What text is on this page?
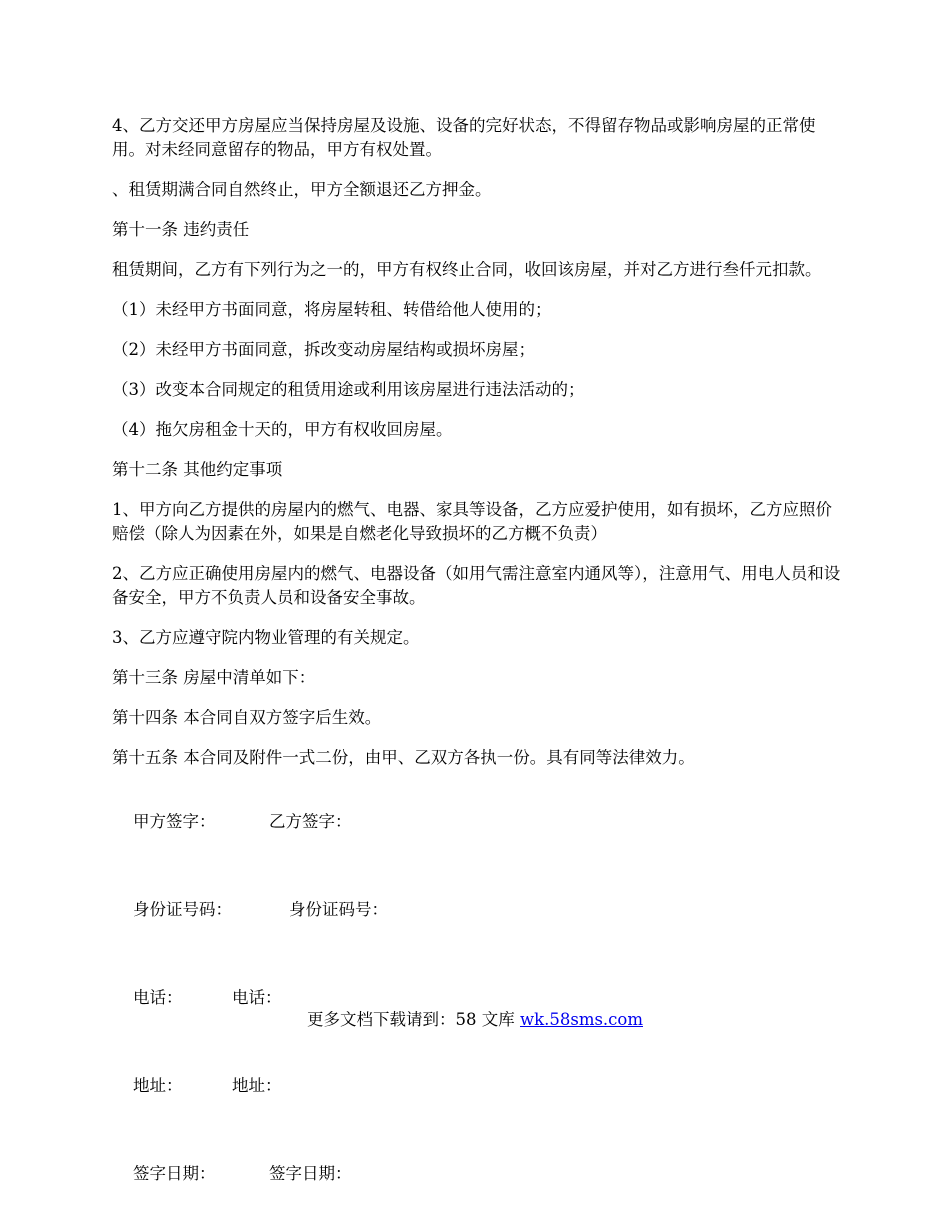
4、乙方交还甲方房屋应当保持房屋及设施、设备的完好状态，不得留存物品或影响房屋的正常使用。对未经同意留存的物品，甲方有权处置。

、租赁期满合同自然终止，甲方全额退还乙方押金。

第十一条 违约责任

租赁期间，乙方有下列行为之一的，甲方有权终止合同，收回该房屋，并对乙方进行叁仟元扣款。

（1）未经甲方书面同意，将房屋转租、转借给他人使用的；

（2）未经甲方书面同意，拆改变动房屋结构或损坏房屋；

（3）改变本合同规定的租赁用途或利用该房屋进行违法活动的；

（4）拖欠房租金十天的，甲方有权收回房屋。

第十二条 其他约定事项

1、甲方向乙方提供的房屋内的燃气、电器、家具等设备，乙方应爱护使用，如有损坏，乙方应照价赔偿（除人为因素在外，如果是自燃老化导致损坏的乙方概不负责）

2、乙方应正确使用房屋内的燃气、电器设备（如用气需注意室内通风等），注意用气、用电人员和设备安全，甲方不负责人员和设备安全事故。

3、乙方应遵守院内物业管理的有关规定。

第十三条 房屋中清单如下：

第十四条 本合同自双方签字后生效。

第十五条 本合同及附件一式二份，由甲、乙双方各执一份。具有同等法律效力。

甲方签字：	乙方签字：

身份证号码：	身份证码号：

电话：	电话：

地址：	地址：

签字日期：	签字日期：

更多文档下载请到：58 文库 wk.58sms.com
